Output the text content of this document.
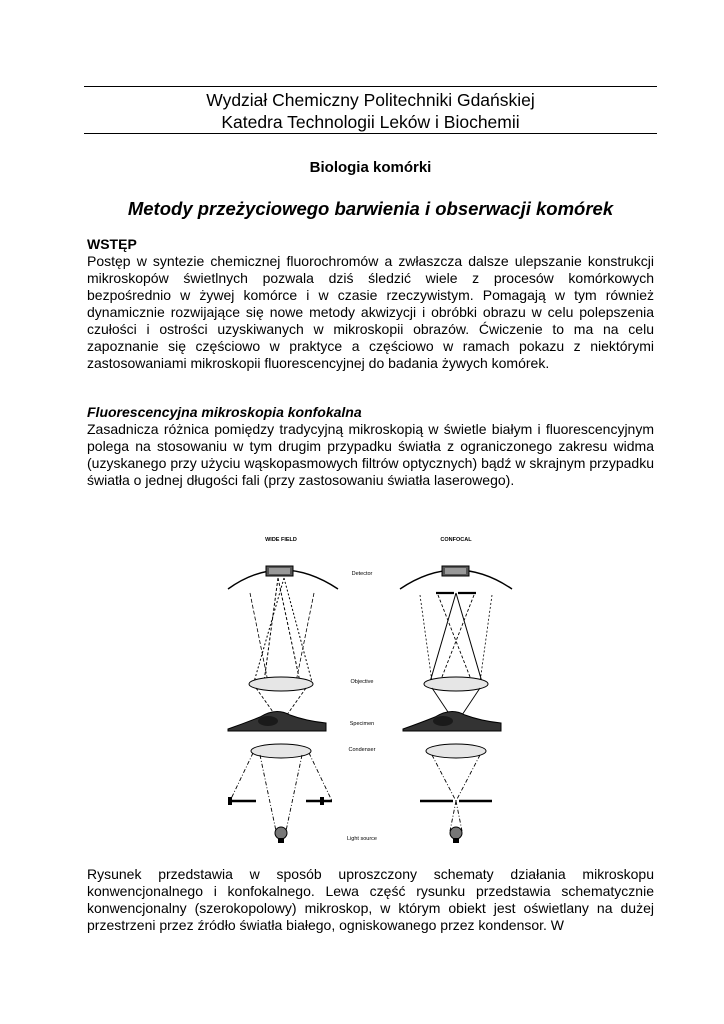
Wydział Chemiczny Politechniki Gdańskiej
Katedra Technologii Leków i Biochemii
Biologia komórki
Metody przeżyciowego barwienia i obserwacji komórek
WSTĘP

Postęp w syntezie chemicznej fluorochromów a zwłaszcza dalsze ulepszanie konstrukcji mikroskopów świetlnych pozwala dziś śledzić wiele z procesów komórkowych bezpośrednio w żywej komórce i w czasie rzeczywistym. Pomagają w tym również dynamicznie rozwijające się nowe metody akwizycji i obróbki obrazu w celu polepszenia czułości i ostrości uzyskiwanych w mikroskopii obrazów. Ćwiczenie to ma na celu zapoznanie się częściowo w praktyce a częściowo w ramach pokazu z niektórymi zastosowaniami mikroskopii fluorescencyjnej do badania żywych komórek.

Fluorescencyjna mikroskopia konfokalna

Zasadnicza różnica pomiędzy tradycyjną mikroskopią w świetle białym i fluorescencyjnym polega na stosowaniu w tym drugim przypadku światła z ograniczonego zakresu widma (uzyskanego przy użyciu wąskopasmowych filtrów optycznych) bądź w skrajnym przypadku światła o jednej długości fali (przy zastosowaniu światła laserowego).

WIDE FIELD	CONFOCAL
Detector
Objective
Specimen
Condenser
Light source

Rysunek przedstawia w sposób uproszczony schematy działania mikroskopu konwencjonalnego i konfokalnego. Lewa część rysunku przedstawia schematycznie konwencjonalny (szerokopolowy) mikroskop, w którym obiekt jest oświetlany na dużej przestrzeni przez źródło światła białego, ogniskowanego przez kondensor. W
